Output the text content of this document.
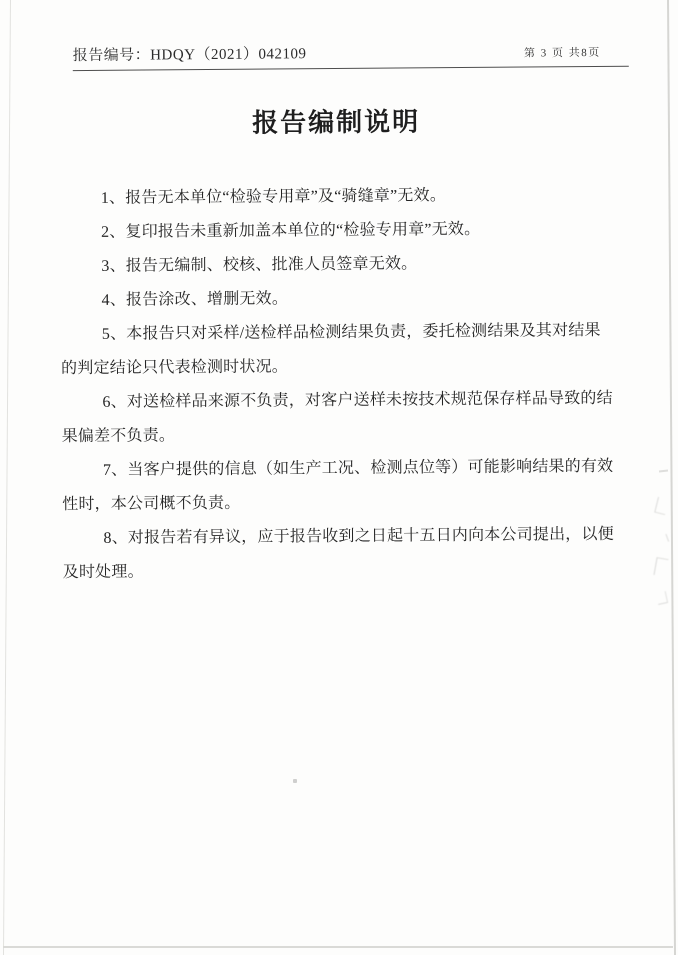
报告编号：HDQY（2021）042109	第 3 页 共8页
报告编制说明

1、报告无本单位“检验专用章”及“骑缝章”无效。

2、复印报告未重新加盖本单位的“检验专用章”无效。

3、报告无编制、校核、批准人员签章无效。

4、报告涂改、增删无效。

5、本报告只对采样/送检样品检测结果负责，委托检测结果及其对结果
的判定结论只代表检测时状况。

6、对送检样品来源不负责，对客户送样未按技术规范保存样品导致的结
果偏差不负责。

7、当客户提供的信息（如生产工况、检测点位等）可能影响结果的有效
性时，本公司概不负责。

8、对报告若有异议，应于报告收到之日起十五日内向本公司提出，以便
及时处理。
